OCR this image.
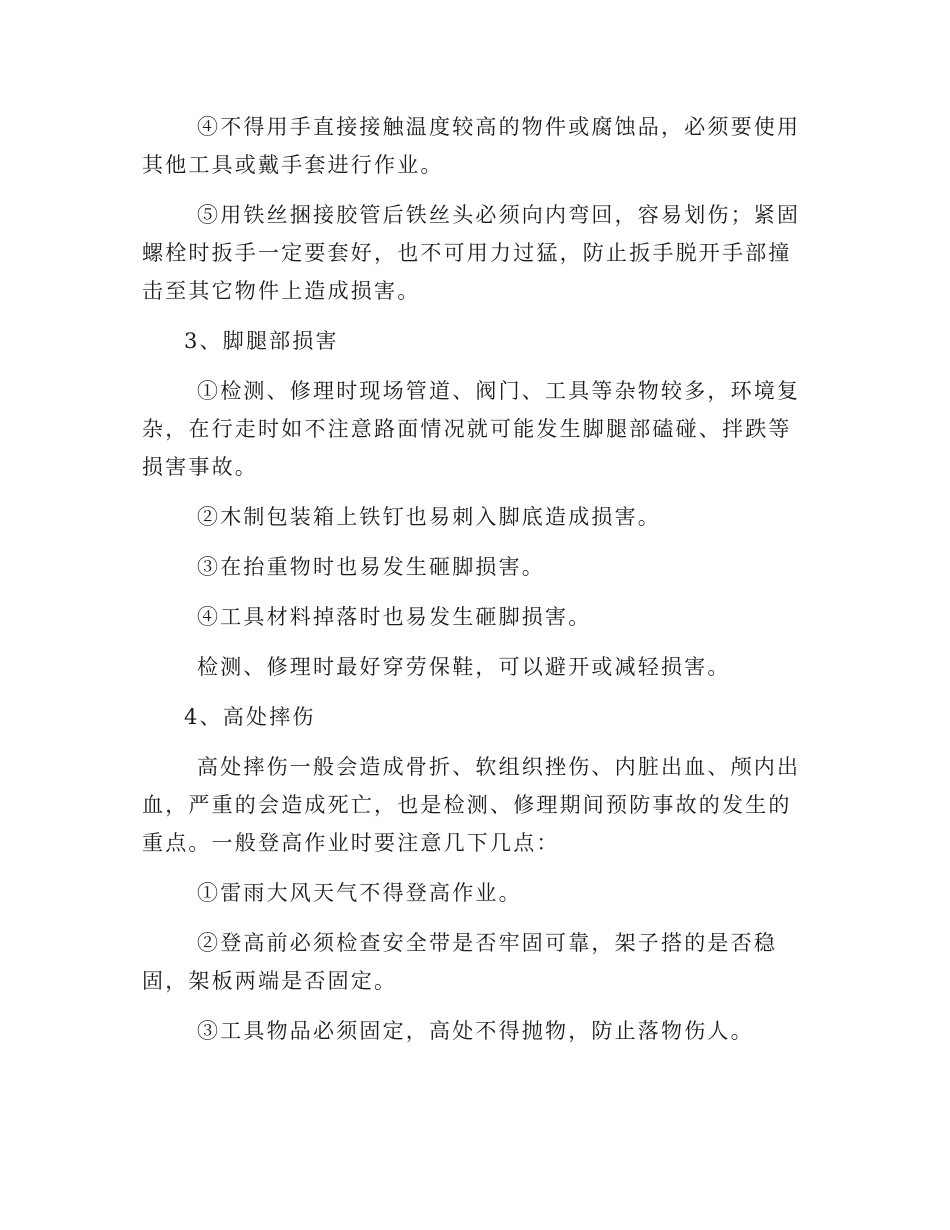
④不得用手直接接触温度较高的物件或腐蚀品，必须要使用其他工具或戴手套进行作业。

⑤用铁丝捆接胶管后铁丝头必须向内弯回，容易划伤；紧固螺栓时扳手一定要套好，也不可用力过猛，防止扳手脱开手部撞击至其它物件上造成损害。

3、脚腿部损害

①检测、修理时现场管道、阀门、工具等杂物较多，环境复杂，在行走时如不注意路面情况就可能发生脚腿部磕碰、拌跌等损害事故。

②木制包装箱上铁钉也易刺入脚底造成损害。

③在抬重物时也易发生砸脚损害。

④工具材料掉落时也易发生砸脚损害。

检测、修理时最好穿劳保鞋，可以避开或减轻损害。

4、高处摔伤

高处摔伤一般会造成骨折、软组织挫伤、内脏出血、颅内出血，严重的会造成死亡，也是检测、修理期间预防事故的发生的重点。一般登高作业时要注意几下几点：

①雷雨大风天气不得登高作业。

②登高前必须检查安全带是否牢固可靠，架子搭的是否稳固，架板两端是否固定。

③工具物品必须固定，高处不得抛物，防止落物伤人。
